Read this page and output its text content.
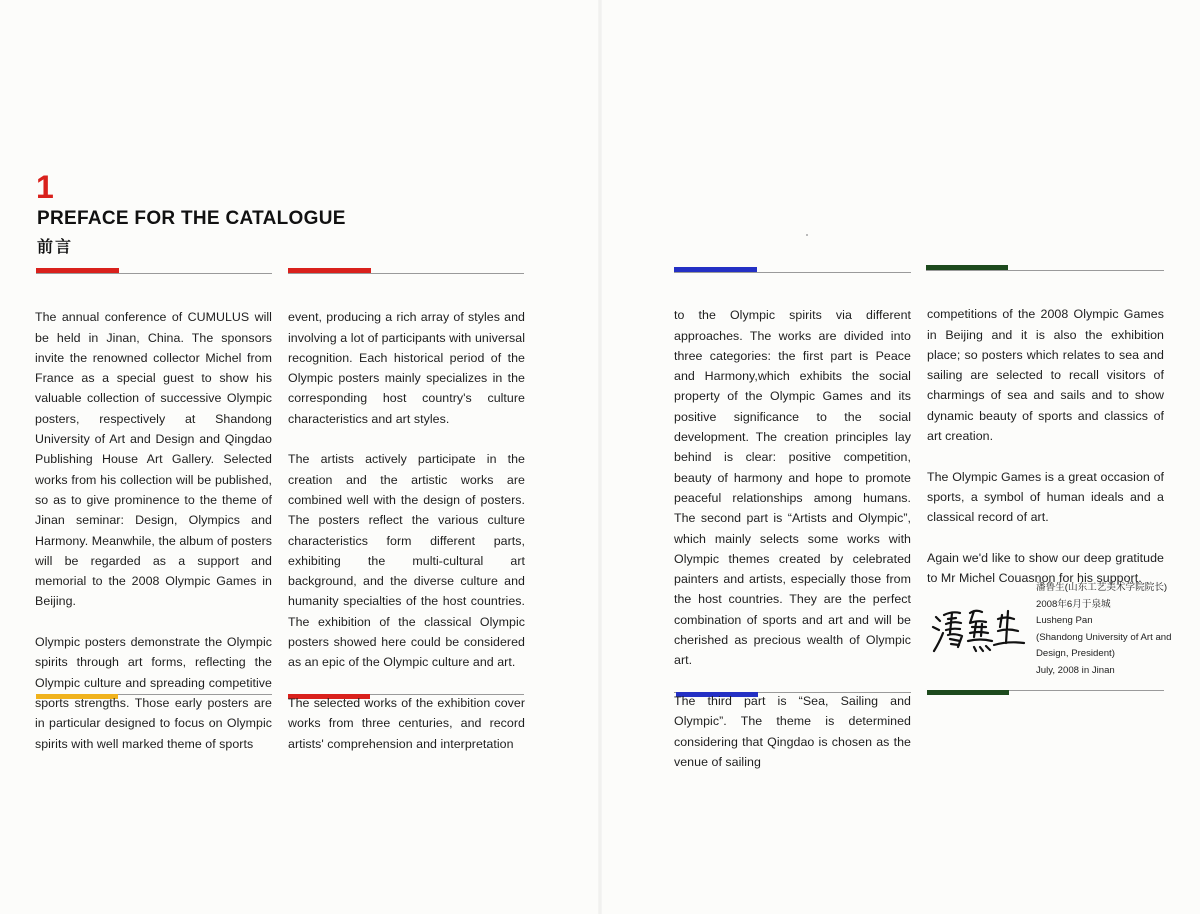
1
PREFACE FOR THE CATALOGUE
前言

The annual conference of CUMULUS will be held in Jinan, China. The sponsors invite the renowned collector Michel from France as a special guest to show his valuable collection of successive Olympic posters, respectively at Shandong University of Art and Design and Qingdao Publishing House Art Gallery. Selected works from his collection will be published, so as to give prominence to the theme of Jinan seminar: Design, Olympics and Harmony. Meanwhile, the album of posters will be regarded as a support and memorial to the 2008 Olympic Games in Beijing.

Olympic posters demonstrate the Olympic spirits through art forms, reflecting the Olympic culture and spreading competitive sports strengths. Those early posters are in particular designed to focus on Olympic spirits with well marked theme of sports

event, producing a rich array of styles and involving a lot of participants with universal recognition. Each historical period of the Olympic posters mainly specializes in the corresponding host country's culture characteristics and art styles.

The artists actively participate in the creation and the artistic works are combined well with the design of posters. The posters reflect the various culture characteristics form different parts, exhibiting the multi-cultural art background, and the diverse culture and humanity specialties of the host countries. The exhibition of the classical Olympic posters showed here could be considered as an epic of the Olympic culture and art.

The selected works of the exhibition cover works from three centuries, and record artists' comprehension and interpretation

to the Olympic spirits via different approaches. The works are divided into three categories: the first part is Peace and Harmony,which exhibits the social property of the Olympic Games and its positive significance to the social development. The creation principles lay behind is clear: positive competition, beauty of harmony and hope to promote peaceful relationships among humans. The second part is “Artists and Olympic”, which mainly selects some works with Olympic themes created by celebrated painters and artists, especially those from the host countries. They are the perfect combination of sports and art and will be cherished as precious wealth of Olympic art.

The third part is “Sea, Sailing and Olympic”. The theme is determined considering that Qingdao is chosen as the venue of sailing

competitions of the 2008 Olympic Games in Beijing and it is also the exhibition place; so posters which relates to sea and sailing are selected to recall visitors of charmings of sea and sails and to show dynamic beauty of sports and classics of art creation.

The Olympic Games is a great occasion of sports, a symbol of human ideals and a classical record of art.

Again we'd like to show our deep gratitude to Mr Michel Couasnon for his support.

潘鲁生(山东工艺美术学院院长)
2008年6月于泉城
Lusheng Pan
(Shandong University of Art and
Design, President)
July, 2008 in Jinan
